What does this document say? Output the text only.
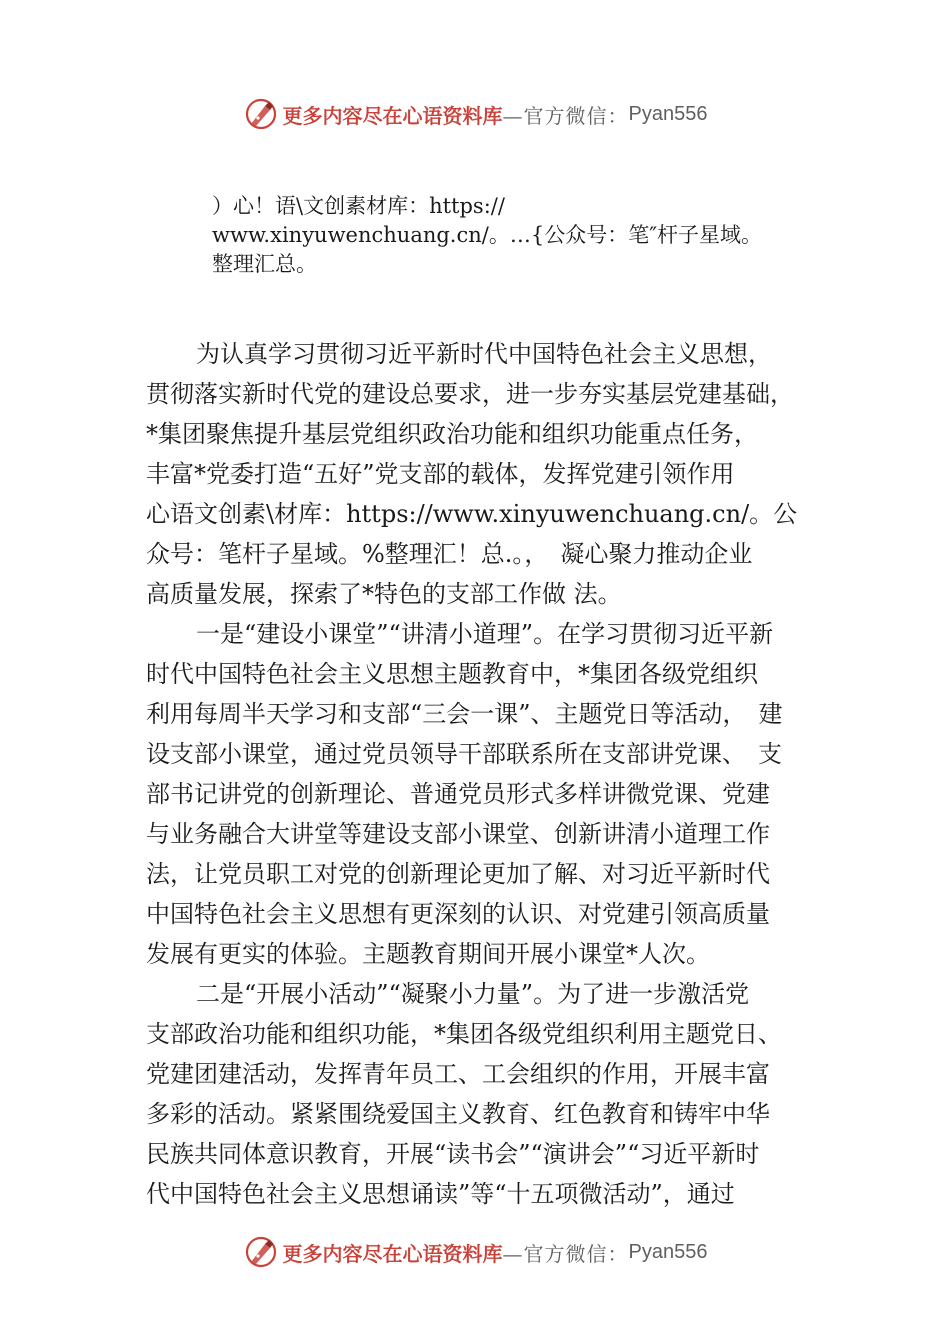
更多内容尽在心语资料库 —官方微信： Pyan556
）心！语\文创素材库：https://
www.xinyuwenchuang.cn/。…{公众号：笔″杆子星域。
整理汇总。
为认真学习贯彻习近平新时代中国特色社会主义思想，
贯彻落实新时代党的建设总要求，进一步夯实基层党建基础，
*集团聚焦提升基层党组织政治功能和组织功能重点任务，
丰富*党委打造“五好”党支部的载体，发挥党建引领作用
心语文创素\材库：https://www.xinyuwenchuang.cn/。公
众号：笔杆子星域。%整理汇！总.。，　凝心聚力推动企业
高质量发展，探索了*特色的支部工作做 法。
一是“建设小课堂”“讲清小道理”。在学习贯彻习近平新
时代中国特色社会主义思想主题教育中，*集团各级党组织
利用每周半天学习和支部“三会一课”、主题党日等活动，　建
设支部小课堂，通过党员领导干部联系所在支部讲党课、　支
部书记讲党的创新理论、普通党员形式多样讲微党课、党建
与业务融合大讲堂等建设支部小课堂、创新讲清小道理工作
法，让党员职工对党的创新理论更加了解、对习近平新时代
中国特色社会主义思想有更深刻的认识、对党建引领高质量
发展有更实的体验。主题教育期间开展小课堂*人次。
二是“开展小活动”“凝聚小力量”。为了进一步激活党
支部政治功能和组织功能，*集团各级党组织利用主题党日、
党建团建活动，发挥青年员工、工会组织的作用，开展丰富
多彩的活动。紧紧围绕爱国主义教育、红色教育和铸牢中华
民族共同体意识教育，开展“读书会”“演讲会”“习近平新时
代中国特色社会主义思想诵读”等“十五项微活动”，通过
更多内容尽在心语资料库 —官方微信： Pyan556
